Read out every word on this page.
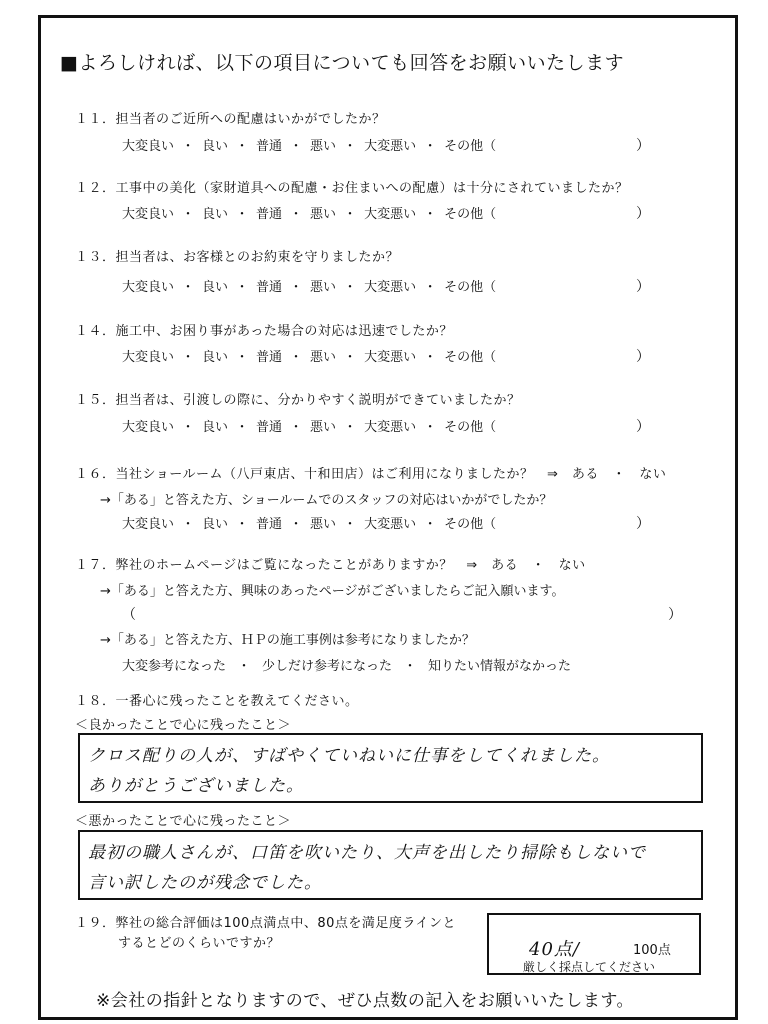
■よろしければ、以下の項目についても回答をお願いいたします
１１．担当者のご近所への配慮はいかがでしたか？
大変良い ・ 良い ・ 普通 ・ 悪い ・ 大変悪い ・ その他（	）
１２．工事中の美化（家財道具への配慮・お住まいへの配慮）は十分にされていましたか？
大変良い ・ 良い ・ 普通 ・ 悪い ・ 大変悪い ・ その他（	）
１３．担当者は、お客様とのお約束を守りましたか？
大変良い ・ 良い ・ 普通 ・ 悪い ・ 大変悪い ・ その他（	）
１４．施工中、お困り事があった場合の対応は迅速でしたか？
大変良い ・ 良い ・ 普通 ・ 悪い ・ 大変悪い ・ その他（	）
１５．担当者は、引渡しの際に、分かりやすく説明ができていましたか？
大変良い ・ 良い ・ 普通 ・ 悪い ・ 大変悪い ・ その他（	）
１６．当社ショールーム（八戸東店、十和田店）はご利用になりましたか？　⇒　ある　・　ない
→「ある」と答えた方、ショールームでのスタッフの対応はいかがでしたか？
大変良い ・ 良い ・ 普通 ・ 悪い ・ 大変悪い ・ その他（	）
１７．弊社のホームページはご覧になったことがありますか？　⇒　ある　・　ない
→「ある」と答えた方、興味のあったページがございましたらご記入願います。
（	）
→「ある」と答えた方、ＨＰの施工事例は参考になりましたか？
大変参考になった ・ 少しだけ参考になった ・ 知りたい情報がなかった
１８．一番心に残ったことを教えてください。
＜良かったことで心に残ったこと＞
クロス配りの人が、すばやくていねいに仕事をしてくれました。
ありがとうございました。
＜悪かったことで心に残ったこと＞
最初の職人さんが、口笛を吹いたり、大声を出したり掃除もしないで
言い訳したのが残念でした。
１９．弊社の総合評価は100点満点中、80点を満足度ラインと
するとどのくらいですか？	40点/	100点
厳しく採点してください
※会社の指針となりますので、ぜひ点数の記入をお願いいたします。
